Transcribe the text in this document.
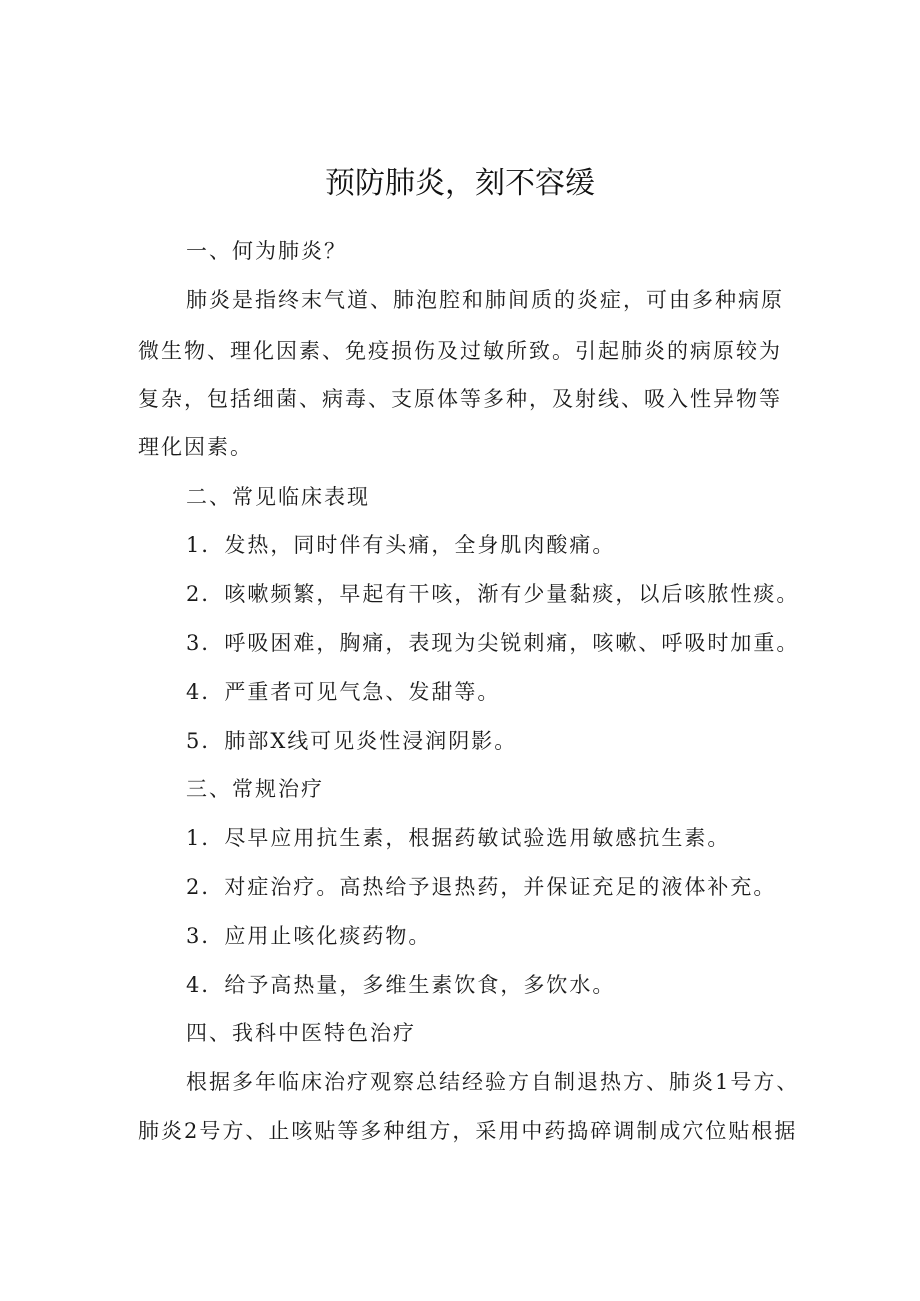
预防肺炎，刻不容缓
一、何为肺炎？
肺炎是指终末气道、肺泡腔和肺间质的炎症，可由多种病原
微生物、理化因素、免疫损伤及过敏所致。引起肺炎的病原较为
复杂，包括细菌、病毒、支原体等多种，及射线、吸入性异物等
理化因素。
二、常见临床表现
1．发热，同时伴有头痛，全身肌肉酸痛。
2．咳嗽频繁，早起有干咳，渐有少量黏痰，以后咳脓性痰。
3．呼吸困难，胸痛，表现为尖锐刺痛，咳嗽、呼吸时加重。
4．严重者可见气急、发甜等。
5．肺部X线可见炎性浸润阴影。
三、常规治疗
1．尽早应用抗生素，根据药敏试验选用敏感抗生素。
2．对症治疗。高热给予退热药，并保证充足的液体补充。
3．应用止咳化痰药物。
4．给予高热量，多维生素饮食，多饮水。
四、我科中医特色治疗
根据多年临床治疗观察总结经验方自制退热方、肺炎1号方、
肺炎2号方、止咳贴等多种组方，采用中药捣碎调制成穴位贴根据
